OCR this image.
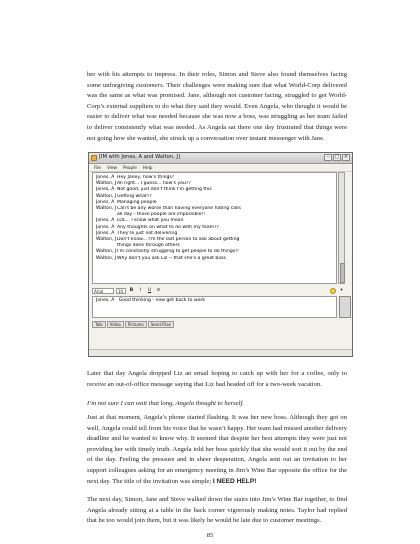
her with his attempts to impress. In their roles, Simon and Steve also found themselves facing some unforgiving customers. Their challenges were making sure that what World-Corp delivered was the same as what was promised. Jane, although not customer facing, struggled to get World-Corp’s external suppliers to do what they said they would. Even Angela, who thought it would be easier to deliver what was needed because she was now a boss, was struggling as her team failed to deliver consistently what was needed. As Angela sat there one day frustrated that things were not going how she wanted, she struck up a conversation over instant messenger with Jane.

[IM with Jones, A and Walton, J]	–	□ ×
File View People Help
Jones, A Hey Janey, how's things?
Walton, J All right... I guess... how's you??
Jones, A Not good, just don't think I'm getting this
Walton, J Getting what??
Jones, A Managing people
Walton, J Can't be any worse than having everyone hating calls
all day - those people are impossible!!
Jones, A LOL... I know what you mean
Jones, A Any thoughts on what to do with my team??
Jones, A They're just not delivering
Walton, J Don't know... I'm the last person to ask about getting
things done through others
Walton, J I'm constantly struggling to get people to do things!!
Walton, J Why don't you ask Liz -- that she's a great boss
Arial	10	B	I	U	≡	▾
Jones, A Good thinking - now get back to work
Talk	Video	Pictures	Send Files

Later that day Angela dropped Liz an email hoping to catch up with her for a coffee, only to receive an out-of-office message saying that Liz had headed off for a two-week vacation.

I’m not sure I can wait that long, Angela thought to herself.

Just at that moment, Angela’s phone started flashing. It was her new boss. Although they got on well, Angela could tell from his voice that he wasn’t happy. Her team had missed another delivery deadline and he wanted to know why. It seemed that despite her best attempts they were just not providing her with timely truth. Angela told her boss quickly that she would sort it out by the end of the day. Feeling the pressure and in sheer desperation, Angela sent out an invitation to her support colleagues asking for an emergency meeting in Jim’s Wine Bar opposite the office for the next day. The title of the invitation was simple; I NEED HELP!

The next day, Simon, Jane and Steve walked down the stairs into Jim’s Wine Bar together, to find Angela already sitting at a table in the back corner vigorously making notes. Taylor had replied that he too would join them, but it was likely he would be late due to customer meetings.

85
